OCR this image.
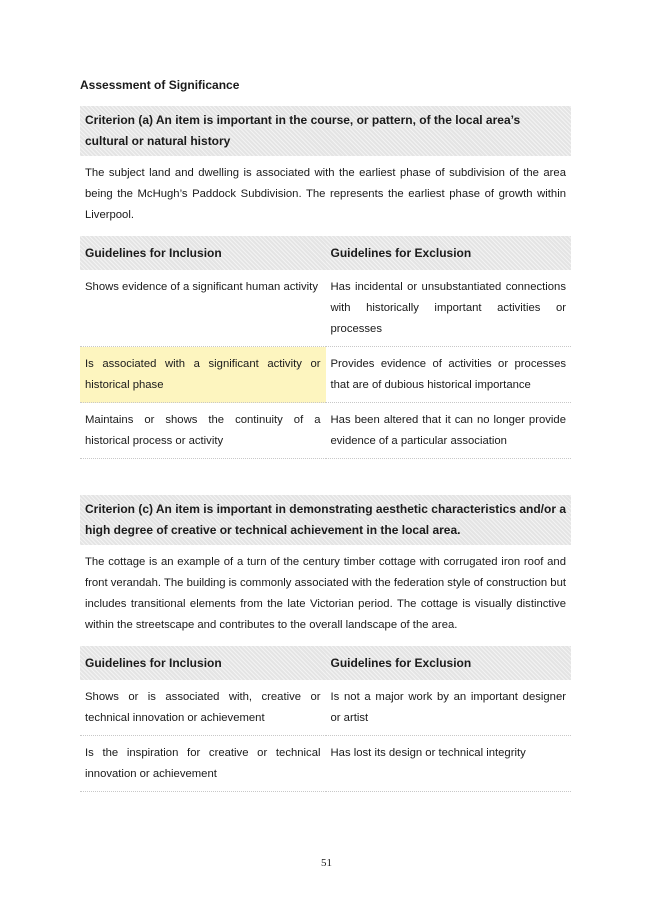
Assessment of Significance
Criterion (a) An item is important in the course, or pattern, of the local area’s cultural or natural history
The subject land and dwelling is associated with the earliest phase of subdivision of the area being the McHugh’s Paddock Subdivision. The represents the earliest phase of growth within Liverpool.
Guidelines for Inclusion	Guidelines for Exclusion
Shows evidence of a significant human activity	Has incidental or unsubstantiated connections with historically important activities or processes
Is associated with a significant activity or historical phase	Provides evidence of activities or processes that are of dubious historical importance
Maintains or shows the continuity of a historical process or activity	Has been altered that it can no longer provide evidence of a particular association
Criterion (c) An item is important in demonstrating aesthetic characteristics and/or a high degree of creative or technical achievement in the local area.
The cottage is an example of a turn of the century timber cottage with corrugated iron roof and front verandah. The building is commonly associated with the federation style of construction but includes transitional elements from the late Victorian period. The cottage is visually distinctive within the streetscape and contributes to the overall landscape of the area.
Guidelines for Inclusion	Guidelines for Exclusion
Shows or is associated with, creative or technical innovation or achievement	Is not a major work by an important designer or artist
Is the inspiration for creative or technical innovation or achievement	Has lost its design or technical integrity
51
